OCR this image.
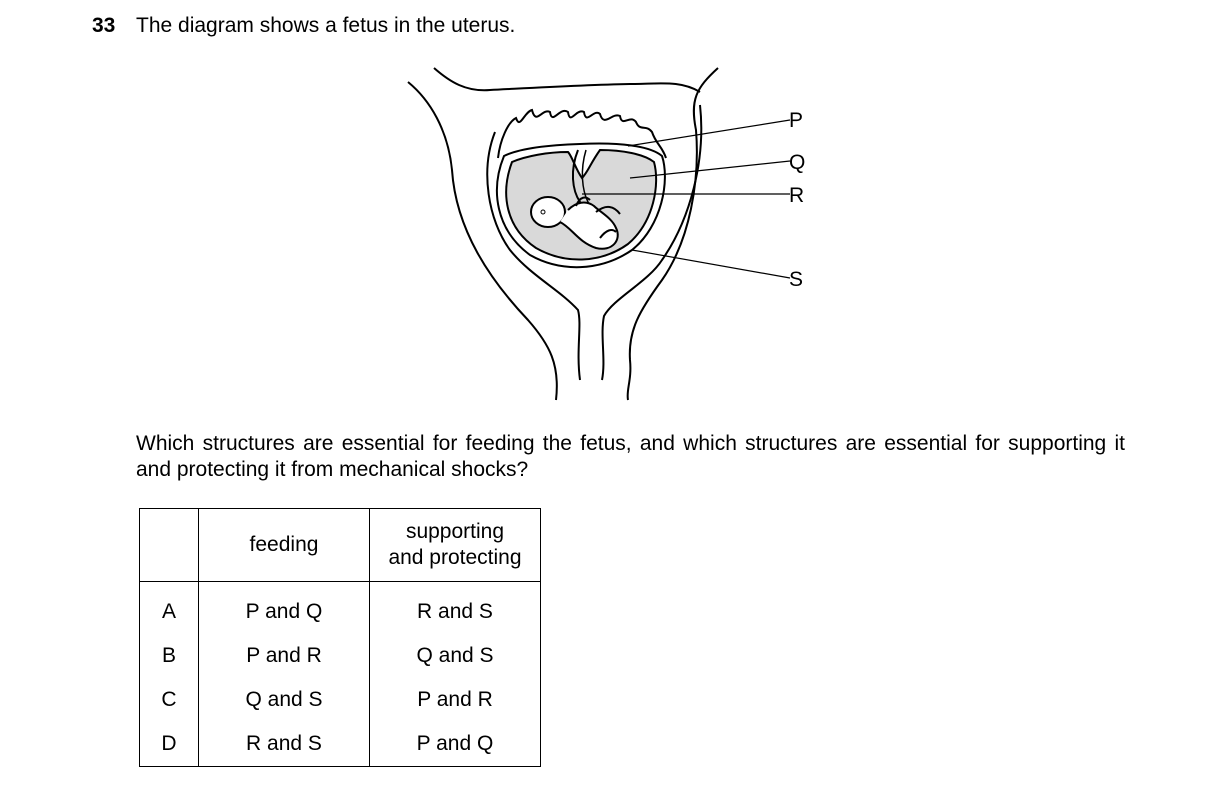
33 The diagram shows a fetus in the uterus.
P
Q
R
S
Which structures are essential for feeding the fetus, and which structures are essential for supporting it and protecting it from mechanical shocks?
	feeding	supporting
and protecting
A	P and Q	R and S
B	P and R	Q and S
C	Q and S	P and R
D	R and S	P and Q
